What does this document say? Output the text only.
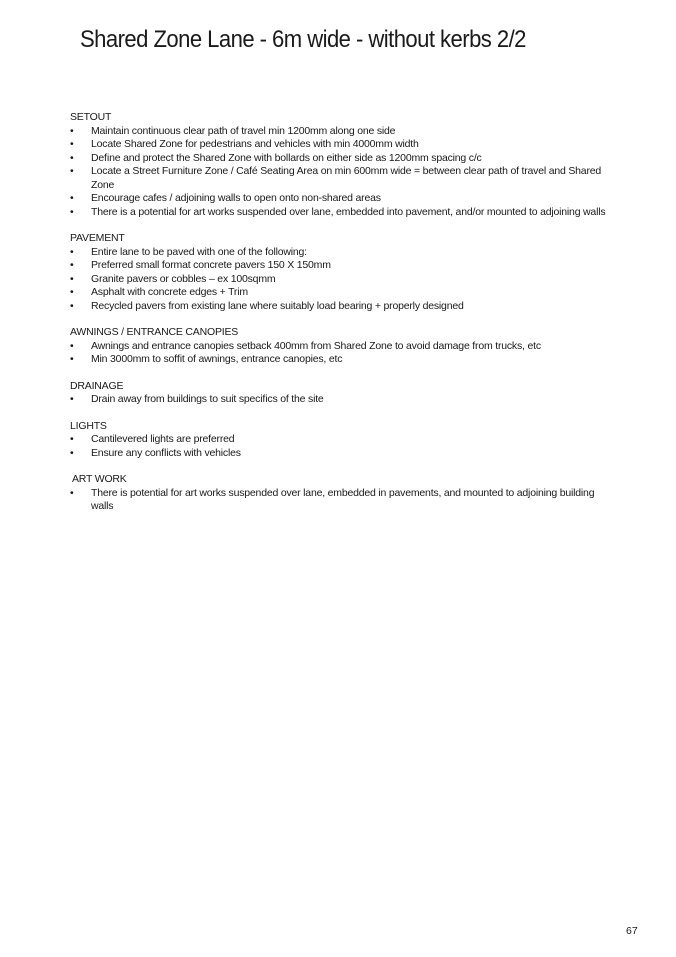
Shared Zone Lane - 6m wide - without kerbs 2/2

SETOUT

• Maintain continuous clear path of travel min 1200mm along one side
• Locate Shared Zone for pedestrians and vehicles with min 4000mm width
• Deﬁne and protect the Shared Zone with bollards on either side as 1200mm spacing c/c
• Locate a Street Furniture Zone / Café Seating Area on min 600mm wide = between clear path of travel and Shared Zone
• Encourage cafes / adjoining walls to open onto non-shared areas
• There is a potential for art works suspended over lane, embedded into pavement, and/or mounted to adjoining walls

PAVEMENT

• Entire lane to be paved with one of the following:
• Preferred small format concrete pavers 150 X 150mm
• Granite pavers or cobbles – ex 100sqmm
• Asphalt with concrete edges + Trim
• Recycled pavers from existing lane where suitably load bearing + properly designed

AWNINGS / ENTRANCE CANOPIES

• Awnings and entrance canopies setback 400mm from Shared Zone to avoid damage from trucks, etc
• Min 3000mm to sofﬁt of awnings, entrance canopies, etc

DRAINAGE

• Drain away from buildings to suit speciﬁcs of the site

LIGHTS

• Cantilevered lights are preferred
• Ensure any conﬂicts with vehicles

ART WORK

• There is potential for art works suspended over lane, embedded in pavements, and mounted to adjoining building walls
67
